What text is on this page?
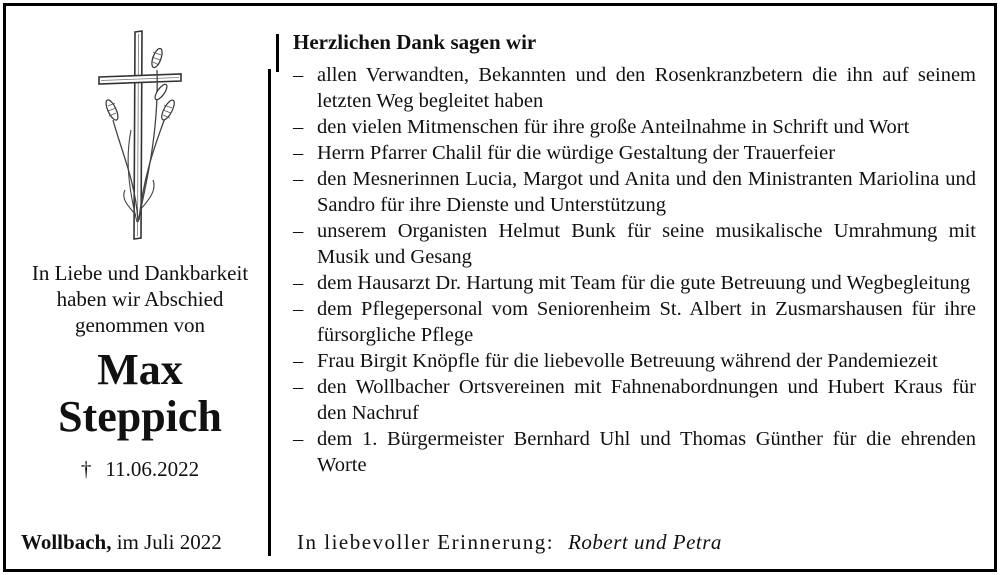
In Liebe und Dankbarkeit
haben wir Abschied
genommen von
Max
Steppich
† 11.06.2022
Wollbach, im Juli 2022
Herzlichen Dank sagen wir
– allen Verwandten, Bekannten und den Rosenkranzbetern die ihn auf seinem letzten Weg begleitet haben
– den vielen Mitmenschen für ihre große Anteilnahme in Schrift und Wort
– Herrn Pfarrer Chalil für die würdige Gestaltung der Trauerfeier
– den Mesnerinnen Lucia, Margot und Anita und den Ministranten Mariolina und Sandro für ihre Dienste und Unterstützung
– unserem Organisten Helmut Bunk für seine musikalische Umrahmung mit Musik und Gesang
– dem Hausarzt Dr. Hartung mit Team für die gute Betreuung und Wegbegleitung
– dem Pflegepersonal vom Seniorenheim St. Albert in Zusmarshausen für ihre fürsorgliche Pflege
– Frau Birgit Knöpfle für die liebevolle Betreuung während der Pandemiezeit
– den Wollbacher Ortsvereinen mit Fahnenabordnungen und Hubert Kraus für den Nachruf
– dem 1. Bürgermeister Bernhard Uhl und Thomas Günther für die ehrenden Worte
In liebevoller Erinnerung: Robert und Petra
